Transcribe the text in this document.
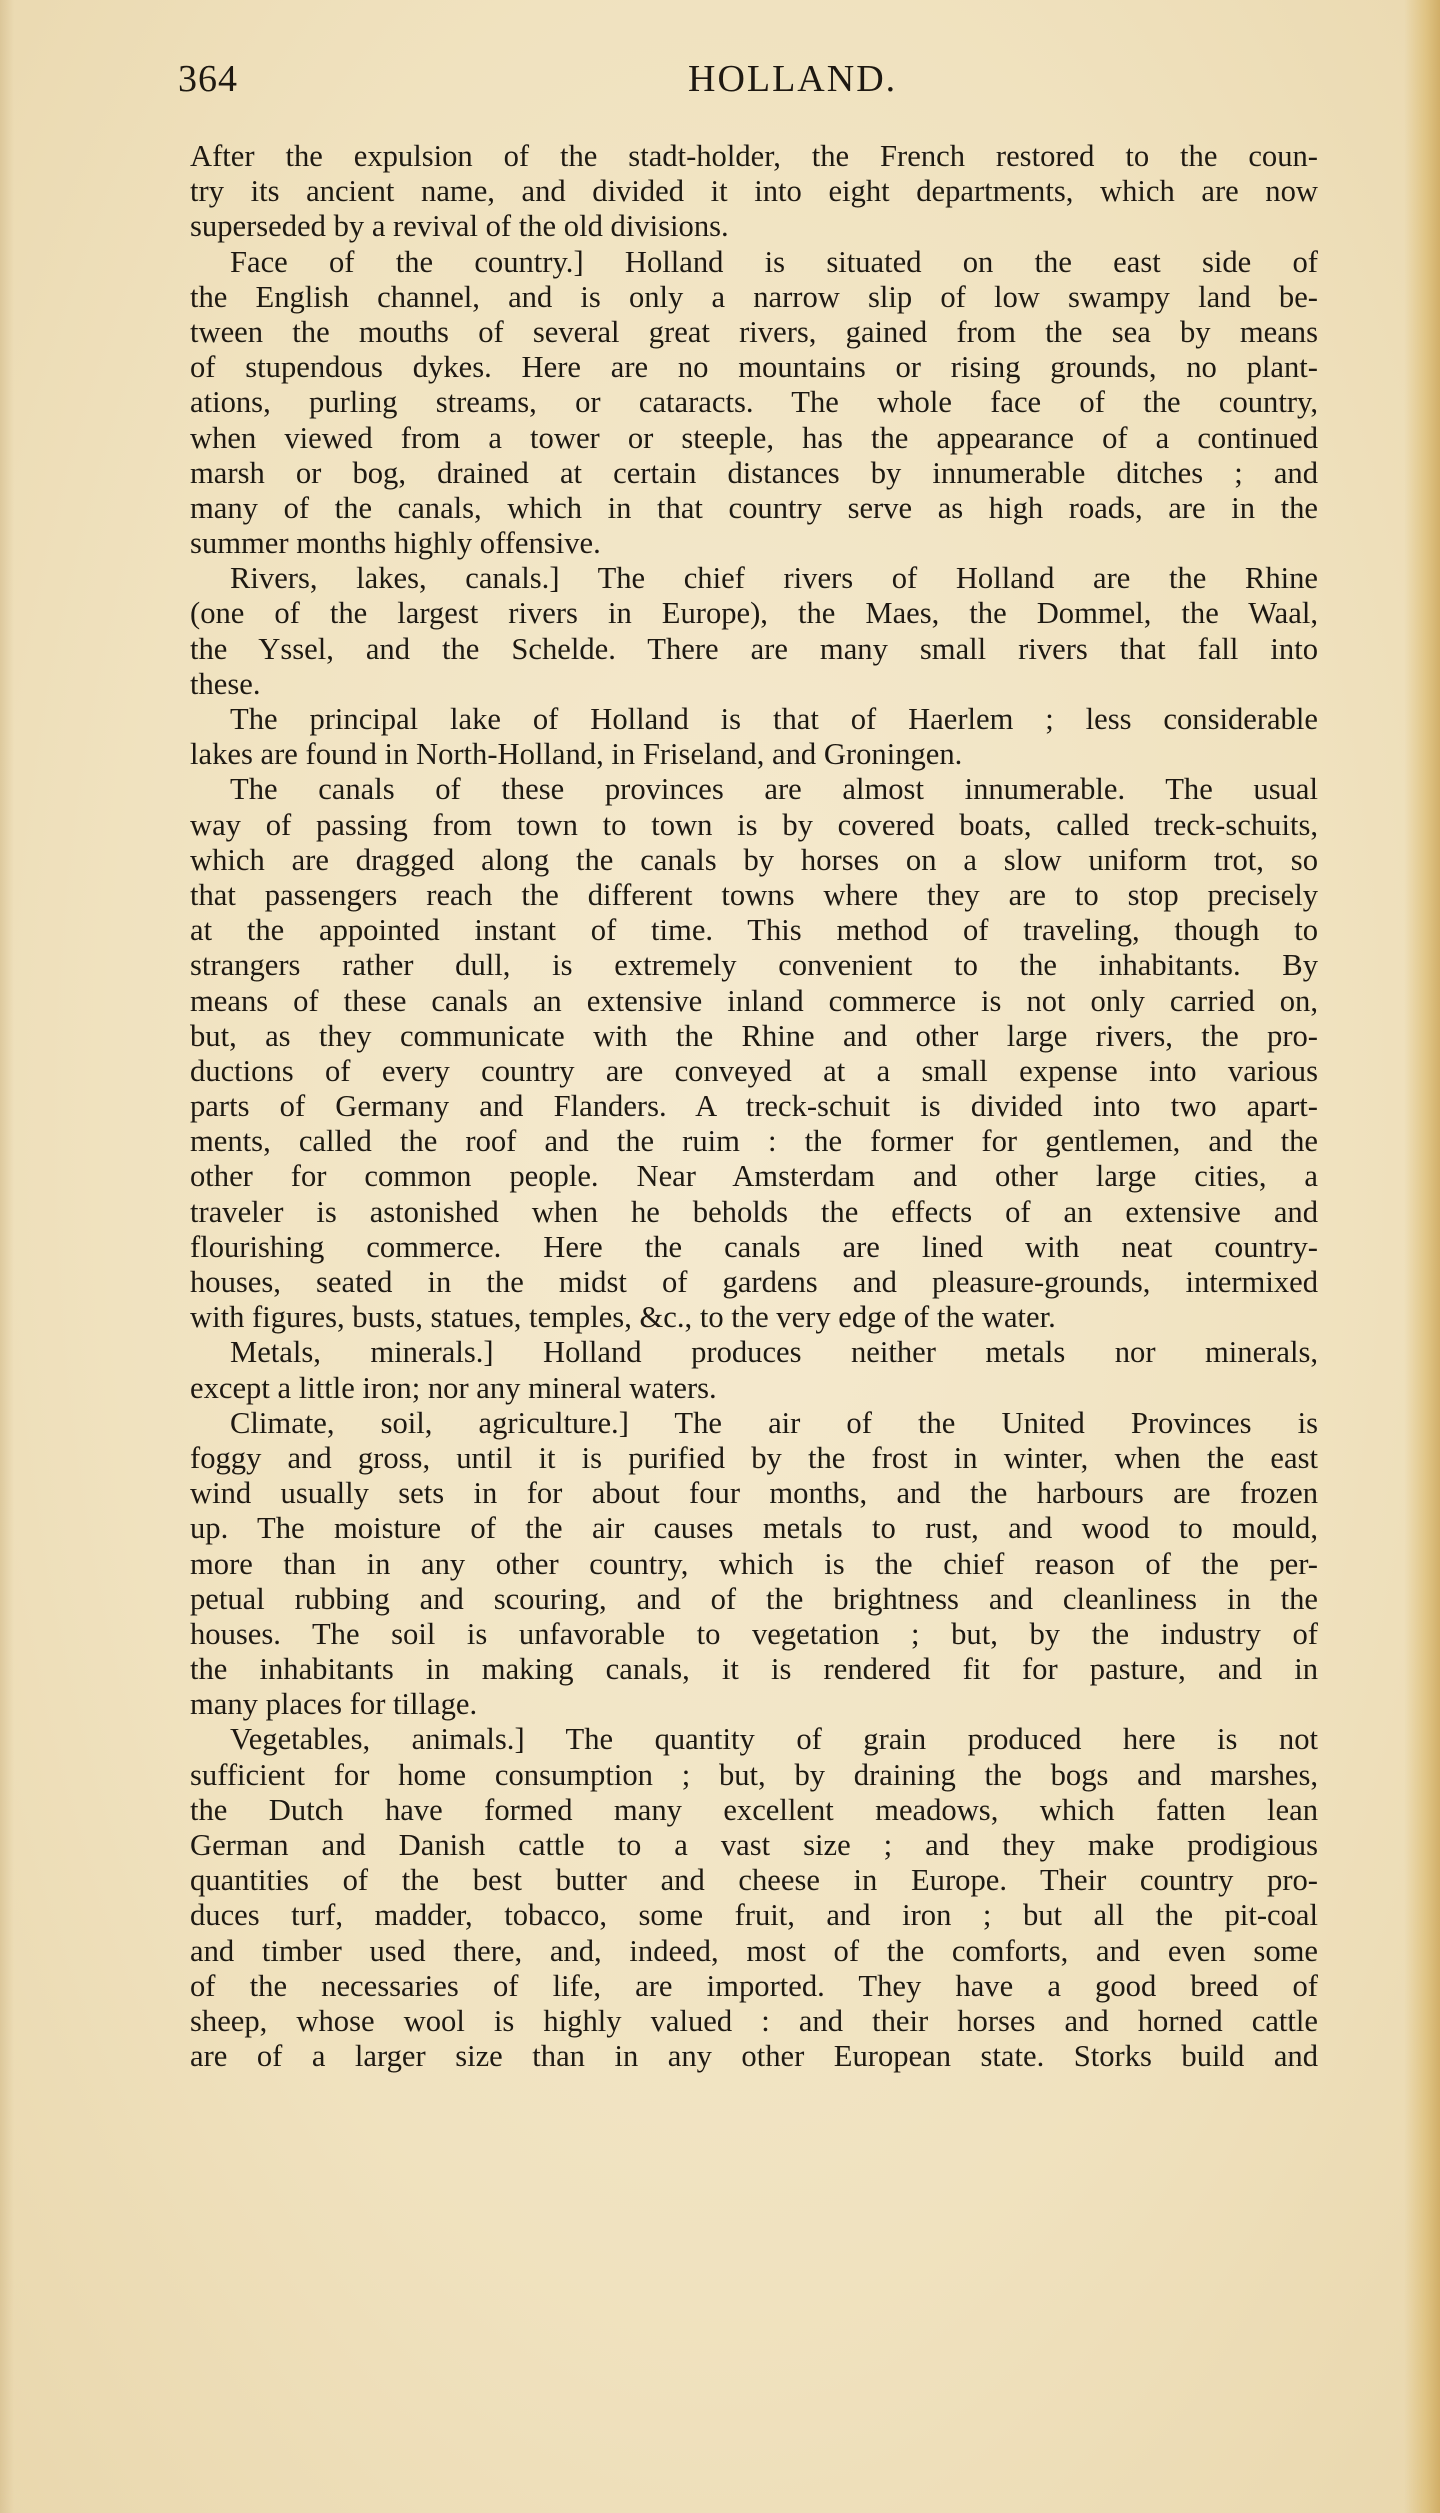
364	HOLLAND.
After the expulsion of the stadt-holder, the French restored to the coun-
try its ancient name, and divided it into eight departments, which are now
superseded by a revival of the old divisions.
Face of the country.] Holland is situated on the east side of
the English channel, and is only a narrow slip of low swampy land be-
tween the mouths of several great rivers, gained from the sea by means
of stupendous dykes. Here are no mountains or rising grounds, no plant-
ations, purling streams, or cataracts. The whole face of the country,
when viewed from a tower or steeple, has the appearance of a continued
marsh or bog, drained at certain distances by innumerable ditches ; and
many of the canals, which in that country serve as high roads, are in the
summer months highly offensive.
Rivers, lakes, canals.] The chief rivers of Holland are the Rhine
(one of the largest rivers in Europe), the Maes, the Dommel, the Waal,
the Yssel, and the Schelde. There are many small rivers that fall into
these.
The principal lake of Holland is that of Haerlem ; less considerable
lakes are found in North-Holland, in Friseland, and Groningen.
The canals of these provinces are almost innumerable. The usual
way of passing from town to town is by covered boats, called treck-schuits,
which are dragged along the canals by horses on a slow uniform trot, so
that passengers reach the different towns where they are to stop precisely
at the appointed instant of time. This method of traveling, though to
strangers rather dull, is extremely convenient to the inhabitants. By
means of these canals an extensive inland commerce is not only carried on,
but, as they communicate with the Rhine and other large rivers, the pro-
ductions of every country are conveyed at a small expense into various
parts of Germany and Flanders. A treck-schuit is divided into two apart-
ments, called the roof and the ruim : the former for gentlemen, and the
other for common people. Near Amsterdam and other large cities, a
traveler is astonished when he beholds the effects of an extensive and
flourishing commerce. Here the canals are lined with neat country-
houses, seated in the midst of gardens and pleasure-grounds, intermixed
with figures, busts, statues, temples, &c., to the very edge of the water.
Metals, minerals.] Holland produces neither metals nor minerals,
except a little iron; nor any mineral waters.
Climate, soil, agriculture.] The air of the United Provinces is
foggy and gross, until it is purified by the frost in winter, when the east
wind usually sets in for about four months, and the harbours are frozen
up. The moisture of the air causes metals to rust, and wood to mould,
more than in any other country, which is the chief reason of the per-
petual rubbing and scouring, and of the brightness and cleanliness in the
houses. The soil is unfavorable to vegetation ; but, by the industry of
the inhabitants in making canals, it is rendered fit for pasture, and in
many places for tillage.
Vegetables, animals.] The quantity of grain produced here is not
sufficient for home consumption ; but, by draining the bogs and marshes,
the Dutch have formed many excellent meadows, which fatten lean
German and Danish cattle to a vast size ; and they make prodigious
quantities of the best butter and cheese in Europe. Their country pro-
duces turf, madder, tobacco, some fruit, and iron ; but all the pit-coal
and timber used there, and, indeed, most of the comforts, and even some
of the necessaries of life, are imported. They have a good breed of
sheep, whose wool is highly valued : and their horses and horned cattle
are of a larger size than in any other European state. Storks build and
